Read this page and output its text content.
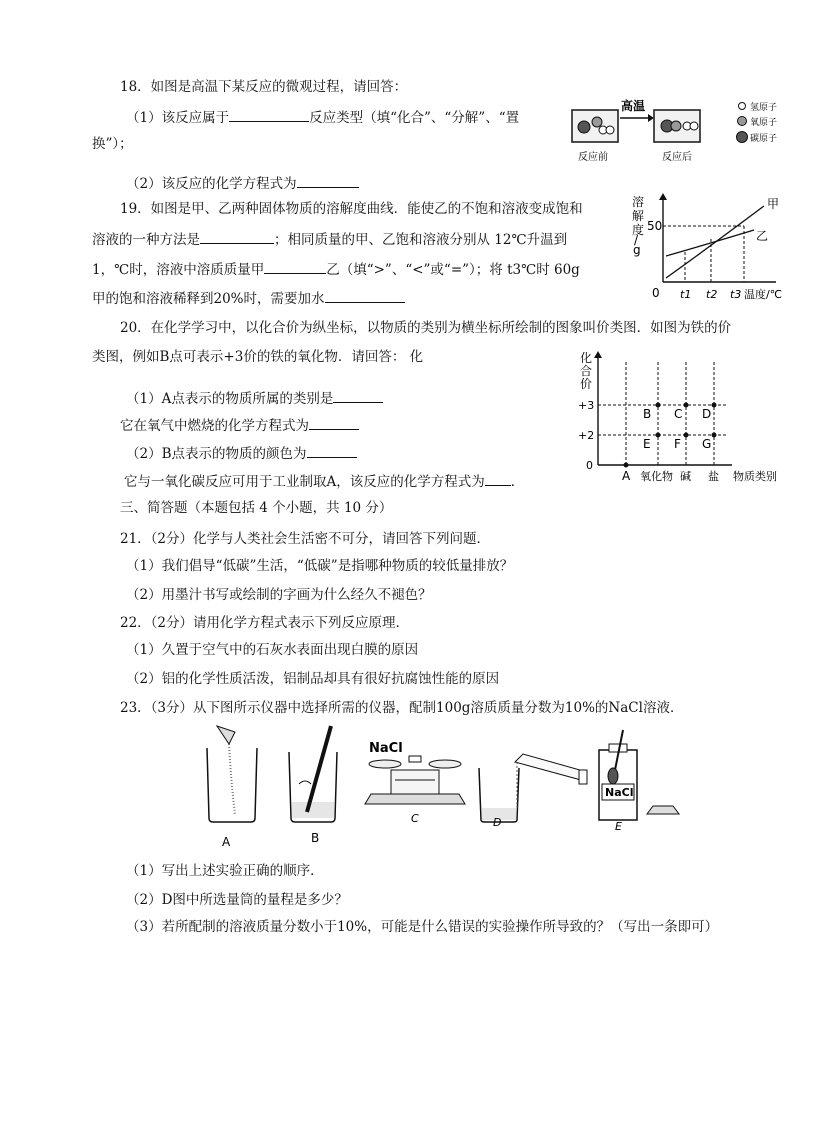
18．如图是高温下某反应的微观过程，请回答：
（1）该反应属于	反应类型（填“化合”、“分解”、“置
换”）；
（2）该反应的化学方程式为
高温
反应前	反应后
氢原子
氧原子
碳原子
19．如图是甲、乙两种固体物质的溶解度曲线．能使乙的不饱和溶液变成饱和
溶液的一种方法是	；相同质量的甲、乙饱和溶液分别从 12℃升温到
1，℃时，溶液中溶质质量甲	乙（填“>”、“<”或“=”）；将 t3℃时 60g
甲的饱和溶液稀释到20%时，需要加水
溶
解
度
/
g
50
甲
乙
0 t1 t2 t3 温度/℃
20．在化学学习中，以化合价为纵坐标，以物质的类别为横坐标所绘制的图象叫价类图．如图为铁的价
类图，例如B点可表示+3价的铁的氧化物．请回答： 化
（1）A点表示的物质所属的类别是
它在氧气中燃烧的化学方程式为
（2）B点表示的物质的颜色为
它与一氧化碳反应可用于工业制取A，该反应的化学方程式为 ．
化
合
价
+3
+2
0
B C D
E F G
A 氧化物 碱 盐 物质类别
三、简答题（本题包括 4 个小题，共 10 分）
21．（2分）化学与人类社会生活密不可分，请回答下列问题．
（1）我们倡导“低碳”生活，“低碳”是指哪种物质的较低量排放？
（2）用墨汁书写或绘制的字画为什么经久不褪色？
22．（2分）请用化学方程式表示下列反应原理．
（1）久置于空气中的石灰水表面出现白膜的原因
（2）铝的化学性质活泼，铝制品却具有很好抗腐蚀性能的原因
23．（3分）从下图所示仪器中选择所需的仪器，配制100g溶质质量分数为10%的NaCl溶液．
A	B
NaCl
C	D
NaCl
E
（1）写出上述实验正确的顺序．
（2）D图中所选量筒的量程是多少？
（3）若所配制的溶液质量分数小于10%，可能是什么错误的实验操作所导致的？（写出一条即可）
